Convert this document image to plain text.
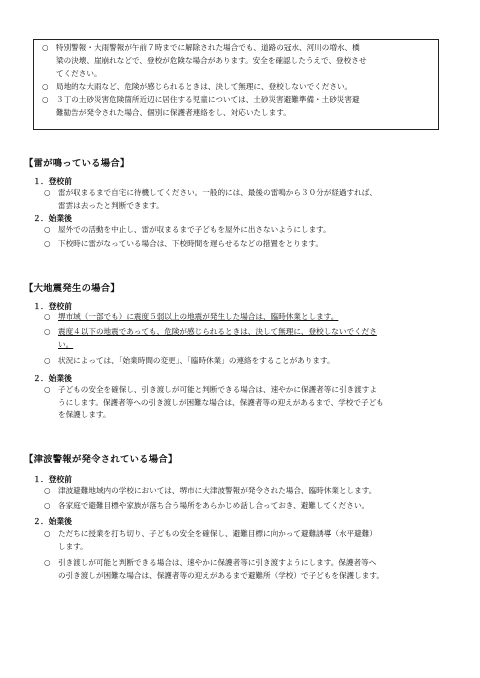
○ 特別警報・大雨警報が午前７時までに解除された場合でも、道路の冠水、河川の増水、橋
梁の決壊、崖崩れなどで、登校が危険な場合があります。安全を確認したうえで、登校させ
てください。
○ 局地的な大雨など、危険が感じられるときは、決して無理に、登校しないでください。
○ ３丁の土砂災害危険箇所近辺に居住する児童については、土砂災害避難準備・土砂災害避
難勧告が発令された場合、個別に保護者連絡をし、対応いたします。
【雷が鳴っている場合】
１．登校前
○ 雷が収まるまで自宅に待機してください。一般的には、最後の雷鳴から３０分が経過すれば、
雷雲は去ったと判断できます。
２．始業後
○ 屋外での活動を中止し、雷が収まるまで子どもを屋外に出さないようにします。
○ 下校時に雷がなっている場合は、下校時間を遅らせるなどの措置をとります。
【大地震発生の場合】
１．登校前
○ 堺市域（一部でも）に震度５弱以上の地震が発生した場合は、臨時休業とします。
○ 震度４以下の地震であっても、危険が感じられるときは、決して無理に、登校しないでくださ
い。
○ 状況によっては、「始業時間の変更」、「臨時休業」の連絡をすることがあります。
２．始業後
○ 子どもの安全を確保し、引き渡しが可能と判断できる場合は、速やかに保護者等に引き渡すよ
うにします。保護者等への引き渡しが困難な場合は、保護者等の迎えがあるまで、学校で子ども
を保護します。
【津波警報が発令されている場合】
１．登校前
○ 津波避難地域内の学校においては、堺市に大津波警報が発令された場合、臨時休業とします。
○ 各家庭で避難目標や家族が落ち合う場所をあらかじめ話し合っておき、避難してください。
２．始業後
○ ただちに授業を打ち切り、子どもの安全を確保し、避難目標に向かって避難誘導（水平避難）
します。
○ 引き渡しが可能と判断できる場合は、速やかに保護者等に引き渡すようにします。保護者等へ
の引き渡しが困難な場合は、保護者等の迎えがあるまで避難所（学校）で子どもを保護します。
